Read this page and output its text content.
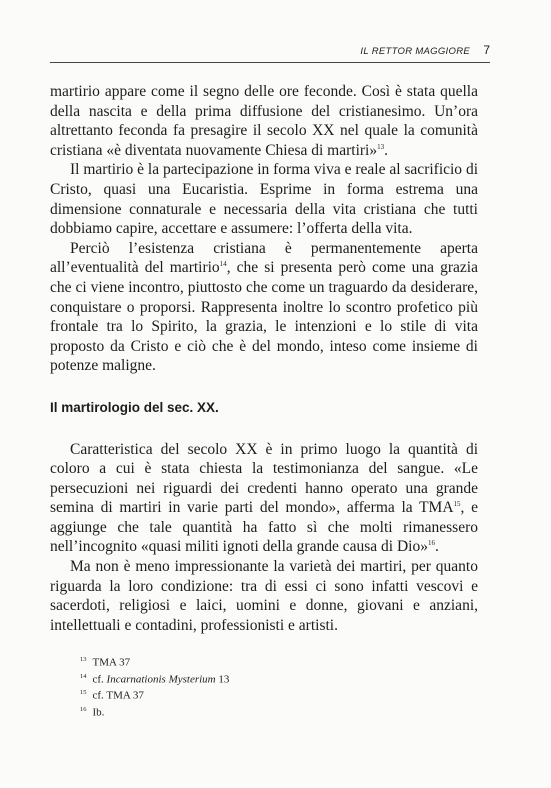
IL RETTOR MAGGIORE 7

martirio appare come il segno delle ore feconde. Così è stata quella della nascita e della prima diffusione del cristianesimo. Un’ora altrettanto feconda fa presagire il secolo XX nel quale la comunità cristiana «è diventata nuovamente Chiesa di martiri»$^{13}$.

Il martirio è la partecipazione in forma viva e reale al sacrificio di Cristo, quasi una Eucaristia. Esprime in forma estrema una dimensione connaturale e necessaria della vita cristiana che tutti dobbiamo capire, accettare e assumere: l’offerta della vita.

Perciò l’esistenza cristiana è permanentemente aperta all’eventualità del martirio$^{14}$, che si presenta però come una grazia che ci viene incontro, piuttosto che come un traguardo da desiderare, conquistare o proporsi. Rappresenta inoltre lo scontro profetico più frontale tra lo Spirito, la grazia, le intenzioni e lo stile di vita proposto da Cristo e ciò che è del mondo, inteso come insieme di potenze maligne.

Il martirologio del sec. XX.

Caratteristica del secolo XX è in primo luogo la quantità di coloro a cui è stata chiesta la testimonianza del sangue. «Le persecuzioni nei riguardi dei credenti hanno operato una grande semina di martiri in varie parti del mondo», afferma la TMA$^{15}$, e aggiunge che tale quantità ha fatto sì che molti rimanessero nell’incognito «quasi militi ignoti della grande causa di Dio»$^{16}$.

Ma non è meno impressionante la varietà dei martiri, per quanto riguarda la loro condizione: tra di essi ci sono infatti vescovi e sacerdoti, religiosi e laici, uomini e donne, giovani e anziani, intellettuali e contadini, professionisti e artisti.

$^{13}$ TMA 37
$^{14}$ cf. Incarnationis Mysterium 13
$^{15}$ cf. TMA 37
$^{16}$ Ib.
